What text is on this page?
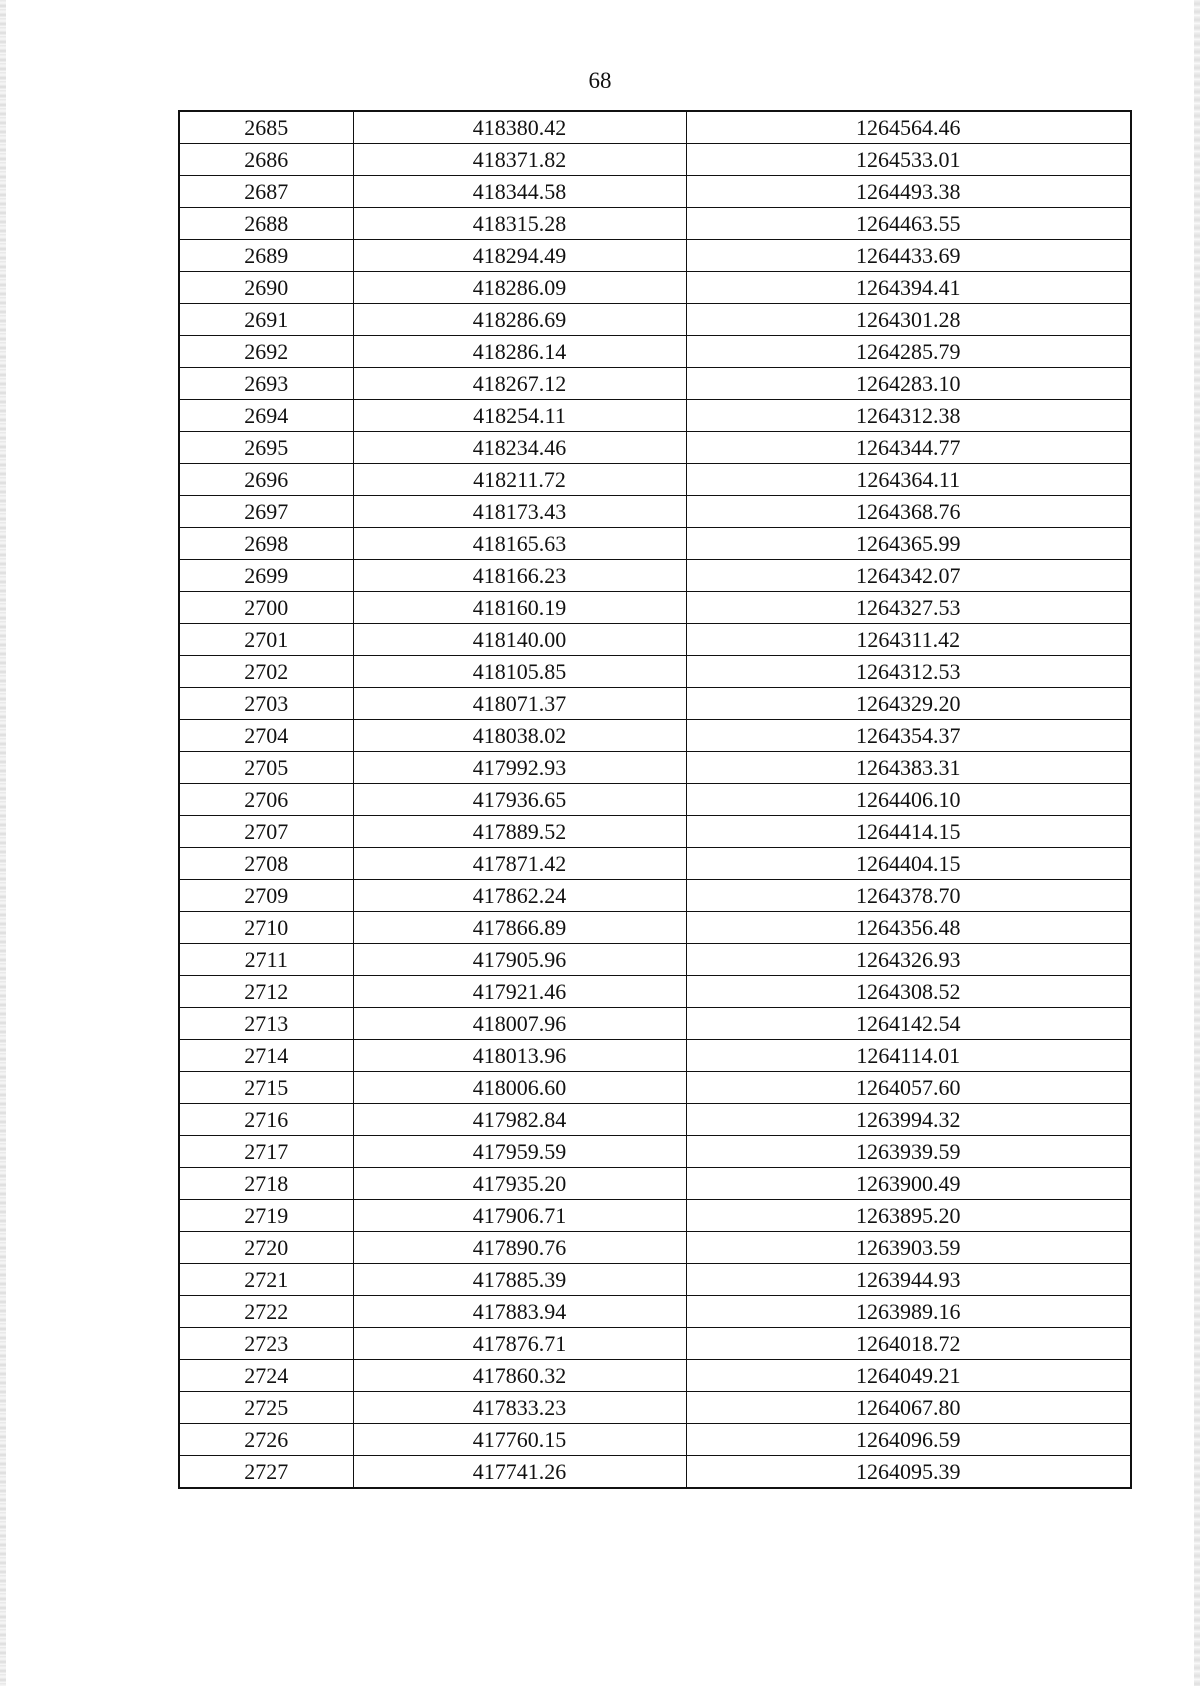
68
2685	418380.42	1264564.46
2686	418371.82	1264533.01
2687	418344.58	1264493.38
2688	418315.28	1264463.55
2689	418294.49	1264433.69
2690	418286.09	1264394.41
2691	418286.69	1264301.28
2692	418286.14	1264285.79
2693	418267.12	1264283.10
2694	418254.11	1264312.38
2695	418234.46	1264344.77
2696	418211.72	1264364.11
2697	418173.43	1264368.76
2698	418165.63	1264365.99
2699	418166.23	1264342.07
2700	418160.19	1264327.53
2701	418140.00	1264311.42
2702	418105.85	1264312.53
2703	418071.37	1264329.20
2704	418038.02	1264354.37
2705	417992.93	1264383.31
2706	417936.65	1264406.10
2707	417889.52	1264414.15
2708	417871.42	1264404.15
2709	417862.24	1264378.70
2710	417866.89	1264356.48
2711	417905.96	1264326.93
2712	417921.46	1264308.52
2713	418007.96	1264142.54
2714	418013.96	1264114.01
2715	418006.60	1264057.60
2716	417982.84	1263994.32
2717	417959.59	1263939.59
2718	417935.20	1263900.49
2719	417906.71	1263895.20
2720	417890.76	1263903.59
2721	417885.39	1263944.93
2722	417883.94	1263989.16
2723	417876.71	1264018.72
2724	417860.32	1264049.21
2725	417833.23	1264067.80
2726	417760.15	1264096.59
2727	417741.26	1264095.39
